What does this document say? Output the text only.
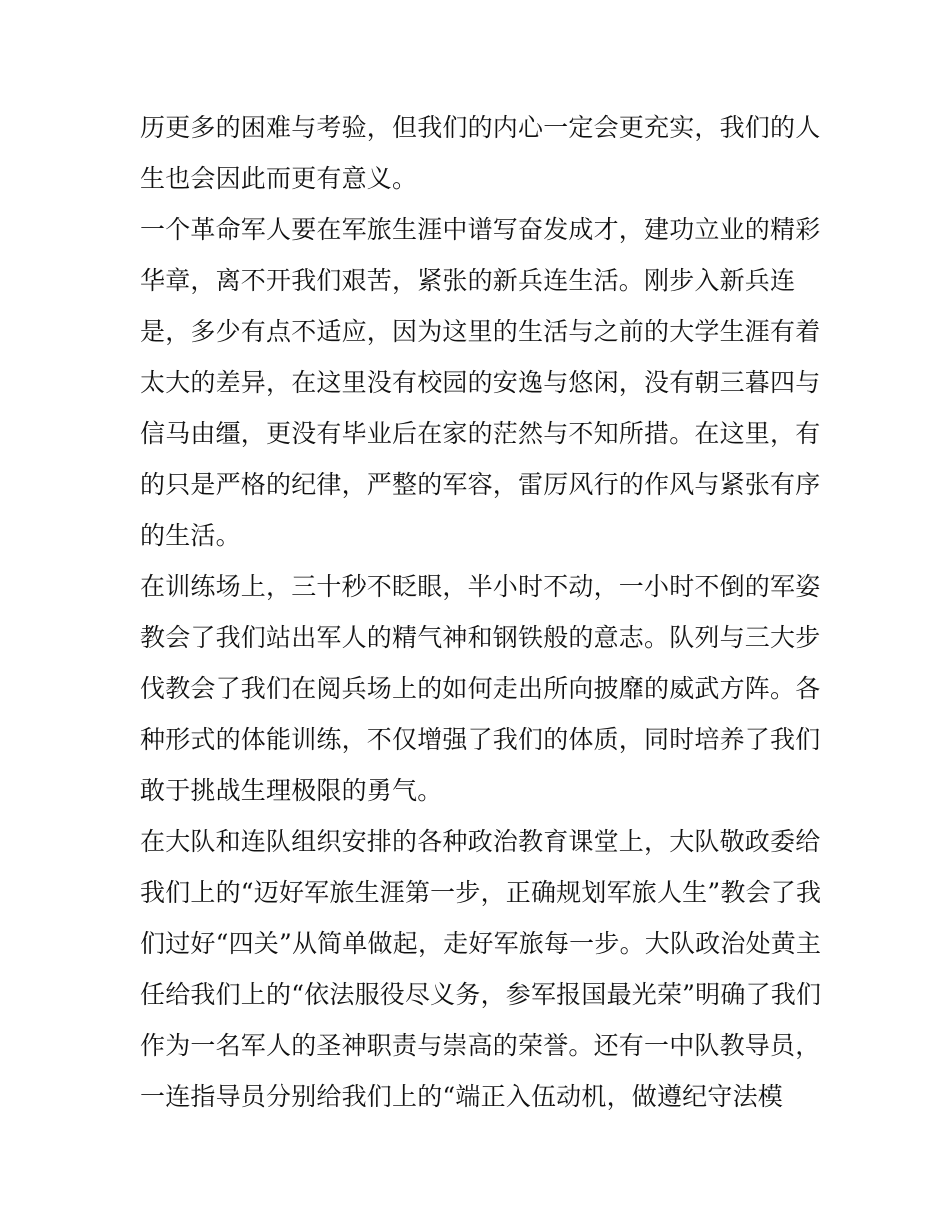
历更多的困难与考验，但我们的内心一定会更充实，我们的人
生也会因此而更有意义。
一个革命军人要在军旅生涯中谱写奋发成才，建功立业的精彩
华章，离不开我们艰苦，紧张的新兵连生活。刚步入新兵连
是，多少有点不适应，因为这里的生活与之前的大学生涯有着
太大的差异，在这里没有校园的安逸与悠闲，没有朝三暮四与
信马由缰，更没有毕业后在家的茫然与不知所措。在这里，有
的只是严格的纪律，严整的军容，雷厉风行的作风与紧张有序
的生活。
在训练场上，三十秒不眨眼，半小时不动，一小时不倒的军姿
教会了我们站出军人的精气神和钢铁般的意志。队列与三大步
伐教会了我们在阅兵场上的如何走出所向披靡的威武方阵。各
种形式的体能训练，不仅增强了我们的体质，同时培养了我们
敢于挑战生理极限的勇气。
在大队和连队组织安排的各种政治教育课堂上，大队敬政委给
我们上的“迈好军旅生涯第一步，正确规划军旅人生”教会了我
们过好“四关”从简单做起，走好军旅每一步。大队政治处黄主
任给我们上的“依法服役尽义务，参军报国最光荣”明确了我们
作为一名军人的圣神职责与崇高的荣誉。还有一中队教导员，
一连指导员分别给我们上的“端正入伍动机，做遵纪守法模
